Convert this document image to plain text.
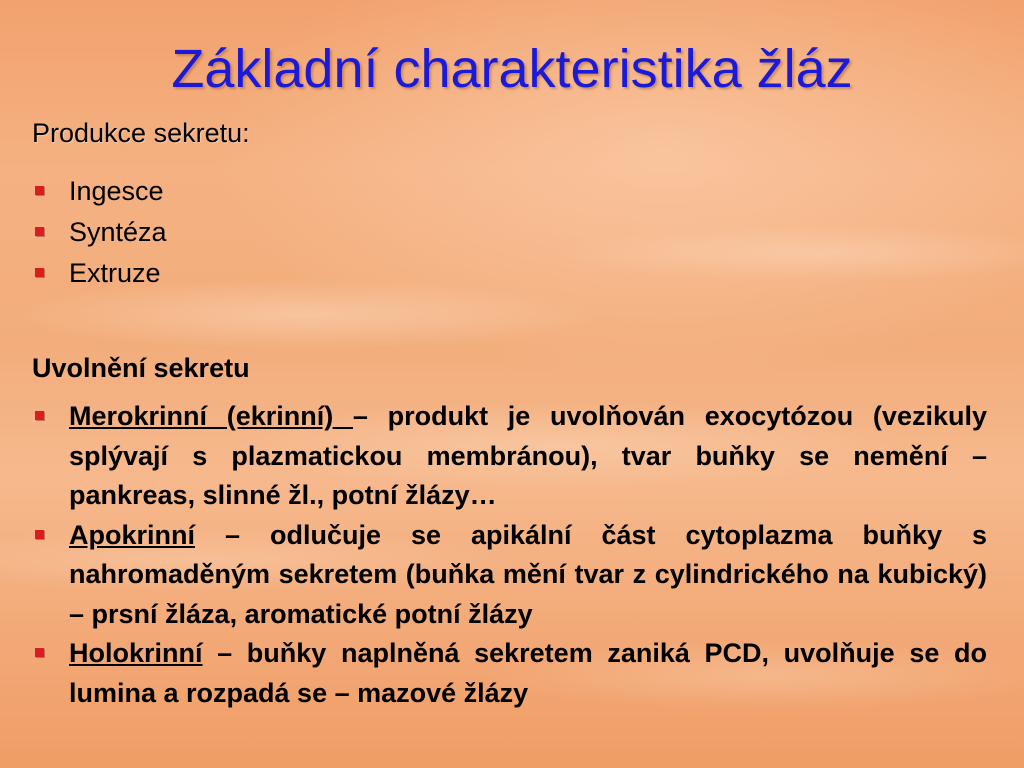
Základní charakteristika žláz
Produkce sekretu:
Ingesce
Syntéza
Extruze
Uvolnění sekretu
Merokrinní (ekrinní) – produkt je uvolňován exocytózou (vezikuly splývají s plazmatickou membránou), tvar buňky se nemění – pankreas, slinné žl., potní žlázy…
Apokrinní – odlučuje se apikální část cytoplazma buňky s nahromaděným sekretem (buňka mění tvar z cylindrického na kubický) – prsní žláza, aromatické potní žlázy
Holokrinní – buňky naplněná sekretem zaniká PCD, uvolňuje se do lumina a rozpadá se – mazové žlázy
